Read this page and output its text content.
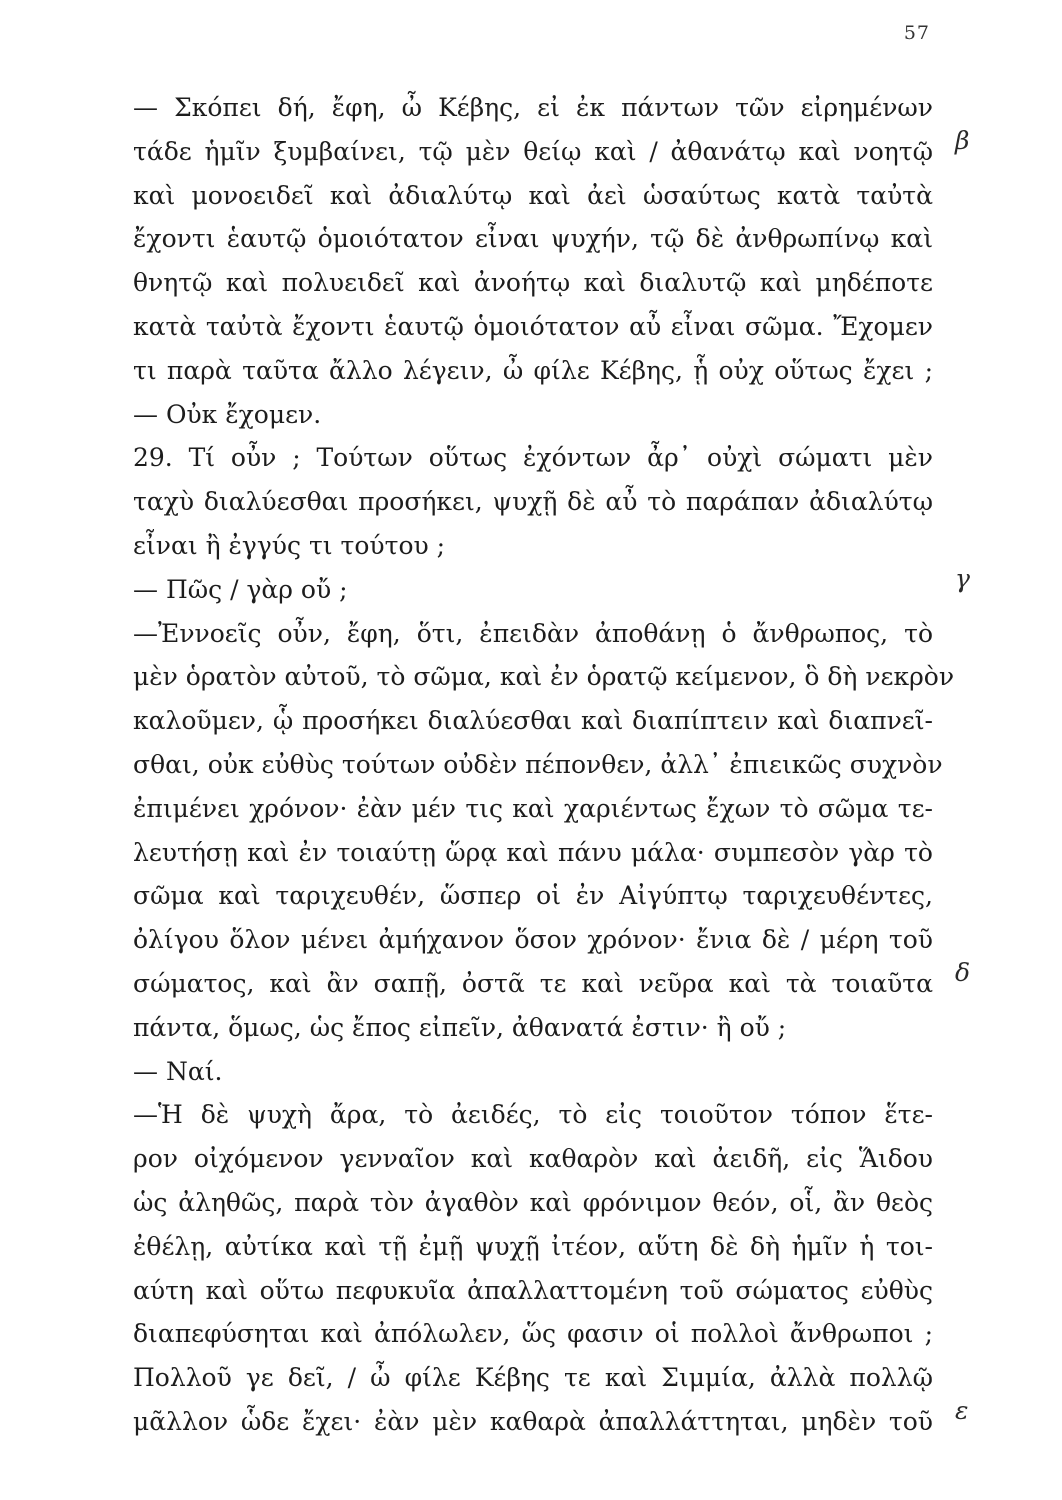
57
— Σκόπει δή, ἔφη, ὦ Κέβης, εἰ ἐκ πάντων τῶν εἰρημένων
τάδε ἡμῖν ξυμβαίνει, τῷ μὲν θείῳ καὶ / ἀθανάτῳ καὶ νοητῷ
καὶ μονοειδεῖ καὶ ἀδιαλύτῳ καὶ ἀεὶ ὡσαύτως κατὰ ταὐτὰ
ἔχοντι ἑαυτῷ ὁμοιότατον εἶναι ψυχήν, τῷ δὲ ἀνθρωπίνῳ καὶ
θνητῷ καὶ πολυειδεῖ καὶ ἀνοήτῳ καὶ διαλυτῷ καὶ μηδέποτε
κατὰ ταὐτὰ ἔχοντι ἑαυτῷ ὁμοιότατον αὖ εἶναι σῶμα. Ἔχομεν
τι παρὰ ταῦτα ἄλλο λέγειν, ὦ φίλε Κέβης, ᾗ οὐχ οὕτως ἔχει ;
— Οὐκ ἔχομεν.
29. Τί οὖν ; Τούτων οὕτως ἐχόντων ἆρ᾿ οὐχὶ σώματι μὲν
ταχὺ διαλύεσθαι προσήκει, ψυχῇ δὲ αὖ τὸ παράπαν ἀδιαλύτῳ
εἶναι ἢ ἐγγύς τι τούτου ;
— Πῶς / γὰρ οὔ ;
—Ἐννοεῖς οὖν, ἔφη, ὅτι, ἐπειδὰν ἀποθάνῃ ὁ ἄνθρωπος, τὸ
μὲν ὁρατὸν αὐτοῦ, τὸ σῶμα, καὶ ἐν ὁρατῷ κείμενον, ὃ δὴ νεκρὸν
καλοῦμεν, ᾧ προσήκει διαλύεσθαι καὶ διαπίπτειν καὶ διαπνεῖ-
σθαι, οὐκ εὐθὺς τούτων οὐδὲν πέπονθεν, ἀλλ᾿ ἐπιεικῶς συχνὸν
ἐπιμένει χρόνον· ἐὰν μέν τις καὶ χαριέντως ἔχων τὸ σῶμα τε-
λευτήσῃ καὶ ἐν τοιαύτῃ ὥρᾳ καὶ πάνυ μάλα· συμπεσὸν γὰρ τὸ
σῶμα καὶ ταριχευθέν, ὥσπερ οἱ ἐν Αἰγύπτῳ ταριχευθέντες,
ὀλίγου ὅλον μένει ἀμήχανον ὅσον χρόνον· ἔνια δὲ / μέρη τοῦ
σώματος, καὶ ἂν σαπῇ, ὀστᾶ τε καὶ νεῦρα καὶ τὰ τοιαῦτα
πάντα, ὅμως, ὡς ἔπος εἰπεῖν, ἀθανατά ἐστιν· ἢ οὔ ;
— Ναί.
—Ἡ δὲ ψυχὴ ἄρα, τὸ ἀειδές, τὸ εἰς τοιοῦτον τόπον ἕτε-
ρον οἰχόμενον γενναῖον καὶ καθαρὸν καὶ ἀειδῆ, εἰς Ἅιδου
ὡς ἀληθῶς, παρὰ τὸν ἀγαθὸν καὶ φρόνιμον θεόν, οἷ, ἂν θεὸς
ἐθέλῃ, αὐτίκα καὶ τῇ ἐμῇ ψυχῇ ἰτέον, αὕτη δὲ δὴ ἡμῖν ἡ τοι-
αύτη καὶ οὕτω πεφυκυῖα ἀπαλλαττομένη τοῦ σώματος εὐθὺς
διαπεφύσηται καὶ ἀπόλωλεν, ὥς φασιν οἱ πολλοὶ ἄνθρωποι ;
Πολλοῦ γε δεῖ, / ὦ φίλε Κέβης τε καὶ Σιμμία, ἀλλὰ πολλῷ
μᾶλλον ὧδε ἔχει· ἐὰν μὲν καθαρὰ ἀπαλλάττηται, μηδὲν τοῦ
β
γ
δ
ε
